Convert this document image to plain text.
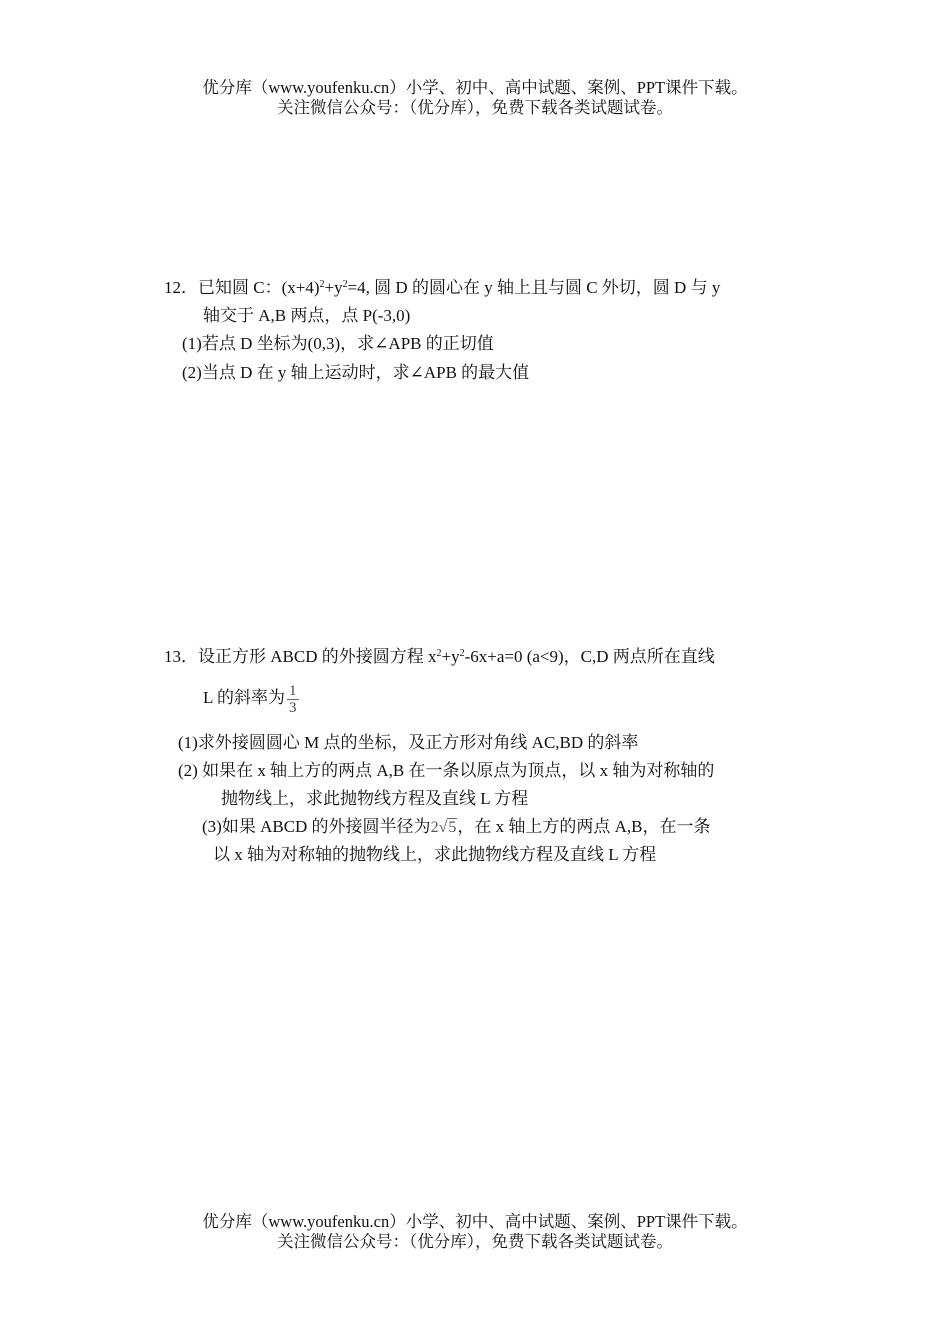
优分库（www.youfenku.cn）小学、初中、高中试题、案例、PPT课件下载。
关注微信公众号：（优分库），免费下载各类试题试卷。
12．已知圆 C：$(x+4)^2+y^2=4$, 圆 D 的圆心在 y 轴上且与圆 C 外切，圆 D 与 y
轴交于 A,B 两点，点 P(-3,0)
(1)若点 D 坐标为(0,3)，求∠APB 的正切值
(2)当点 D 在 y 轴上运动时，求∠APB 的最大值
13．设正方形 ABCD 的外接圆方程 $x^2+y^2-6x+a=0$ (a<9)，C,D 两点所在直线
L 的斜率为 $\frac{1}{3}$
(1)求外接圆圆心 M 点的坐标，及正方形对角线 AC,BD 的斜率
(2) 如果在 x 轴上方的两点 A,B 在一条以原点为顶点，以 x 轴为对称轴的
抛物线上，求此抛物线方程及直线 L 方程
(3)如果 ABCD 的外接圆半径为2√5，在 x 轴上方的两点 A,B，在一条
以 x 轴为对称轴的抛物线上，求此抛物线方程及直线 L 方程
优分库（www.youfenku.cn）小学、初中、高中试题、案例、PPT课件下载。
关注微信公众号：（优分库），免费下载各类试题试卷。
